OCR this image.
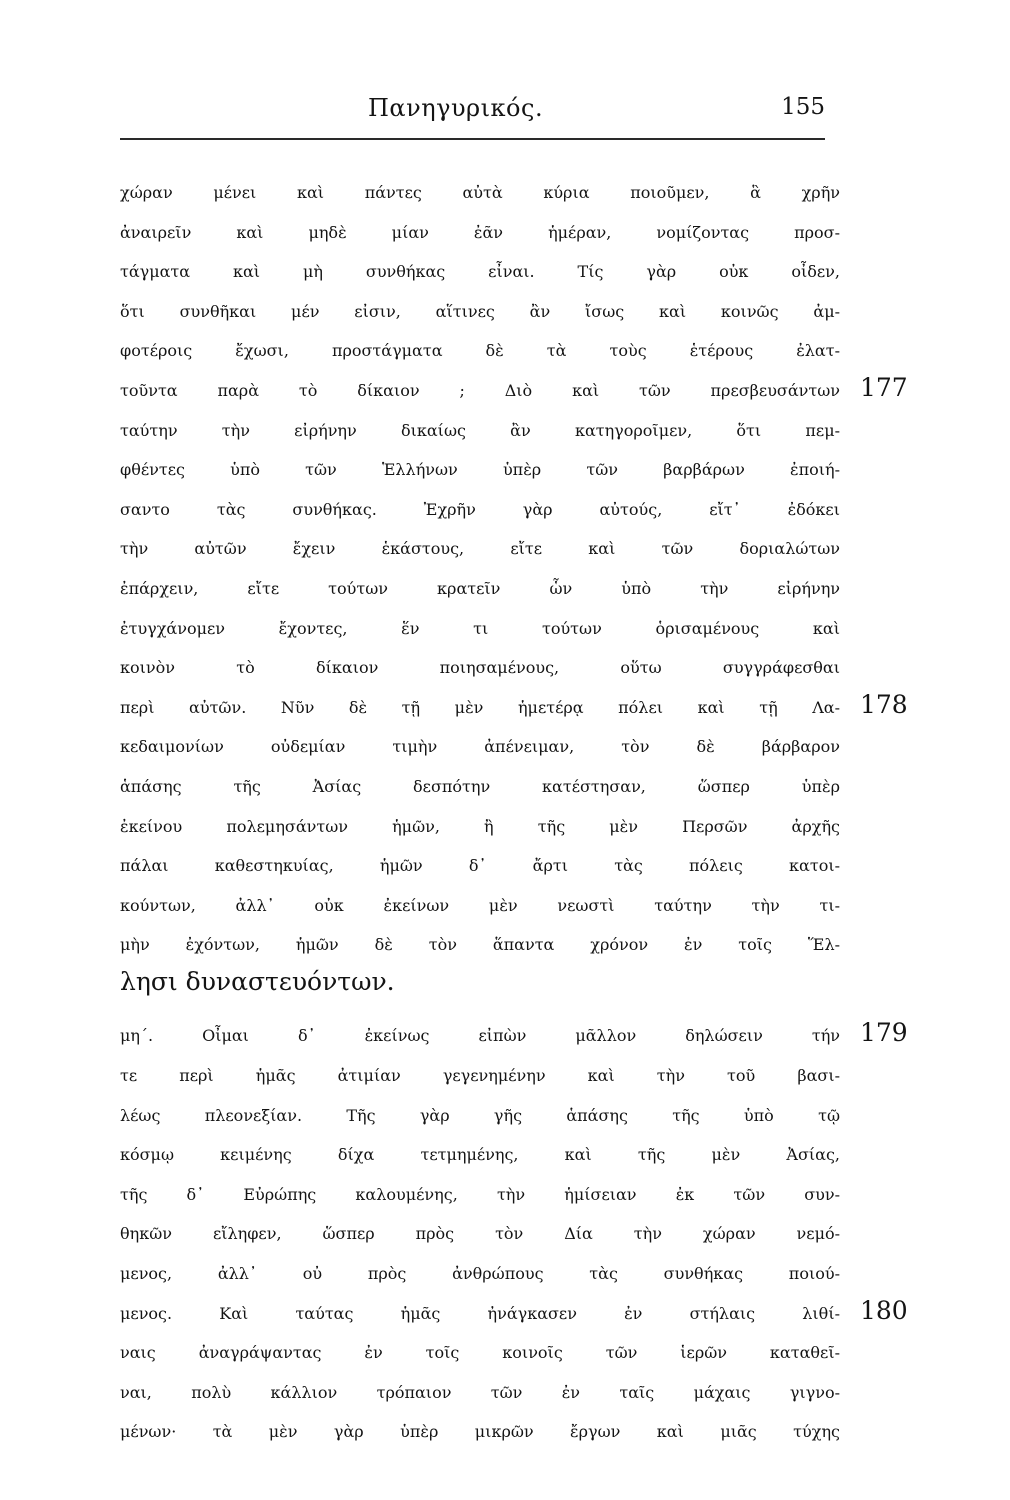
Πανηγυρικός.	155
χώραν μένει καὶ πάντες αὐτὰ κύρια ποιοῦμεν, ἃ χρῆν
ἀναιρεῖν καὶ μηδὲ μίαν ἐᾶν ἡμέραν, νομίζοντας προσ-
τάγματα καὶ μὴ συνθήκας εἶναι. Τίς γὰρ οὐκ οἶδεν,
ὅτι συνθῆκαι μέν εἰσιν, αἵτινες ἂν ἴσως καὶ κοινῶς ἀμ-
φοτέροις ἔχωσι, προστάγματα δὲ τὰ τοὺς ἑτέρους ἐλατ-
τοῦντα παρὰ τὸ δίκαιον ; Διὸ καὶ τῶν πρεσβευσάντων 177
ταύτην τὴν εἰρήνην δικαίως ἂν κατηγοροῖμεν, ὅτι πεμ-
φθέντες ὑπὸ τῶν Ἑλλήνων ὑπὲρ τῶν βαρβάρων ἐποιή-
σαντο τὰς συνθήκας. Ἐχρῆν γὰρ αὐτούς, εἴτ᾽ ἐδόκει
τὴν αὐτῶν ἔχειν ἑκάστους, εἴτε καὶ τῶν δοριαλώτων
ἐπάρχειν, εἴτε τούτων κρατεῖν ὧν ὑπὸ τὴν εἰρήνην
ἐτυγχάνομεν ἔχοντες, ἕν τι τούτων ὁρισαμένους καὶ
κοινὸν τὸ δίκαιον ποιησαμένους, οὕτω συγγράφεσθαι
περὶ αὐτῶν. Νῦν δὲ τῇ μὲν ἡμετέρᾳ πόλει καὶ τῇ Λα- 178
κεδαιμονίων οὐδεμίαν τιμὴν ἀπένειμαν, τὸν δὲ βάρβαρον
ἁπάσης τῆς Ἀσίας δεσπότην κατέστησαν, ὥσπερ ὑπὲρ
ἐκείνου πολεμησάντων ἡμῶν, ἢ τῆς μὲν Περσῶν ἀρχῆς
πάλαι καθεστηκυίας, ἡμῶν δ᾽ ἄρτι τὰς πόλεις κατοι-
κούντων, ἀλλ᾽ οὐκ ἐκείνων μὲν νεωστὶ ταύτην τὴν τι-
μὴν ἐχόντων, ἡμῶν δὲ τὸν ἅπαντα χρόνον ἐν τοῖς Ἕλ-
λησι δυναστευόντων.
μη΄. Οἶμαι δ᾽ ἐκείνως εἰπὼν μᾶλλον δηλώσειν τήν 179
τε περὶ ἡμᾶς ἀτιμίαν γεγενημένην καὶ τὴν τοῦ βασι-
λέως πλεονεξίαν. Τῆς γὰρ γῆς ἁπάσης τῆς ὑπὸ τῷ
κόσμῳ κειμένης δίχα τετμημένης, καὶ τῆς μὲν Ἀσίας,
τῆς δ᾽ Εὐρώπης καλουμένης, τὴν ἡμίσειαν ἐκ τῶν συν-
θηκῶν εἴληφεν, ὥσπερ πρὸς τὸν Δία τὴν χώραν νεμό-
μενος, ἀλλ᾽ οὐ πρὸς ἀνθρώπους τὰς συνθήκας ποιού-
μενος. Καὶ ταύτας ἡμᾶς ἠνάγκασεν ἐν στήλαις λιθί- 180
ναις ἀναγράψαντας ἐν τοῖς κοινοῖς τῶν ἱερῶν καταθεῖ-
ναι, πολὺ κάλλιον τρόπαιον τῶν ἐν ταῖς μάχαις γιγνο-
μένων· τὰ μὲν γὰρ ὑπὲρ μικρῶν ἔργων καὶ μιᾶς τύχης
